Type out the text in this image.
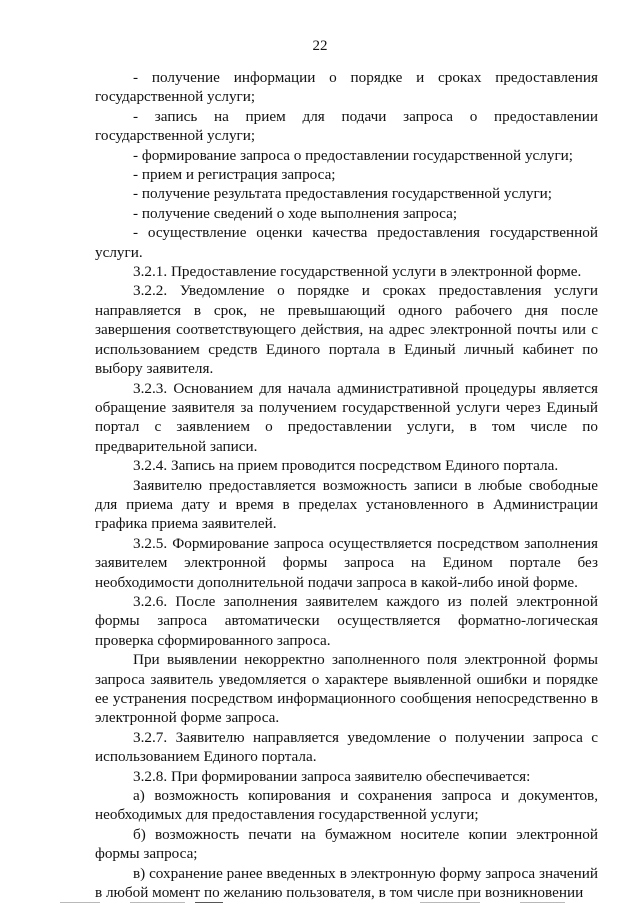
22

- получение информации о порядке и сроках предоставления государственной услуги;

- запись на прием для подачи запроса о предоставлении государственной услуги;

- формирование запроса о предоставлении государственной услуги;

- прием и регистрация запроса;

- получение результата предоставления государственной услуги;

- получение сведений о ходе выполнения запроса;

- осуществление оценки качества предоставления государственной услуги.

3.2.1. Предоставление государственной услуги в электронной форме.

3.2.2. Уведомление о порядке и сроках предоставления услуги направляется в срок, не превышающий одного рабочего дня после завершения соответствующего действия, на адрес электронной почты или с использованием средств Единого портала в Единый личный кабинет по выбору заявителя.

3.2.3. Основанием для начала административной процедуры является обращение заявителя за получением государственной услуги через Единый портал с заявлением о предоставлении услуги, в том числе по предварительной записи.

3.2.4. Запись на прием проводится посредством Единого портала.

Заявителю предоставляется возможность записи в любые свободные для приема дату и время в пределах установленного в Администрации графика приема заявителей.

3.2.5. Формирование запроса осуществляется посредством заполнения заявителем электронной формы запроса на Едином портале без необходимости дополнительной подачи запроса в какой-либо иной форме.

3.2.6. После заполнения заявителем каждого из полей электронной формы запроса автоматически осуществляется форматно-логическая проверка сформированного запроса.

При выявлении некорректно заполненного поля электронной формы запроса заявитель уведомляется о характере выявленной ошибки и порядке ее устранения посредством информационного сообщения непосредственно в электронной форме запроса.

3.2.7. Заявителю направляется уведомление о получении запроса с использованием Единого портала.

3.2.8. При формировании запроса заявителю обеспечивается:

а) возможность копирования и сохранения запроса и документов, необходимых для предоставления государственной услуги;

б) возможность печати на бумажном носителе копии электронной формы запроса;

в) сохранение ранее введенных в электронную форму запроса значений в любой момент по желанию пользователя, в том числе при возникновении
